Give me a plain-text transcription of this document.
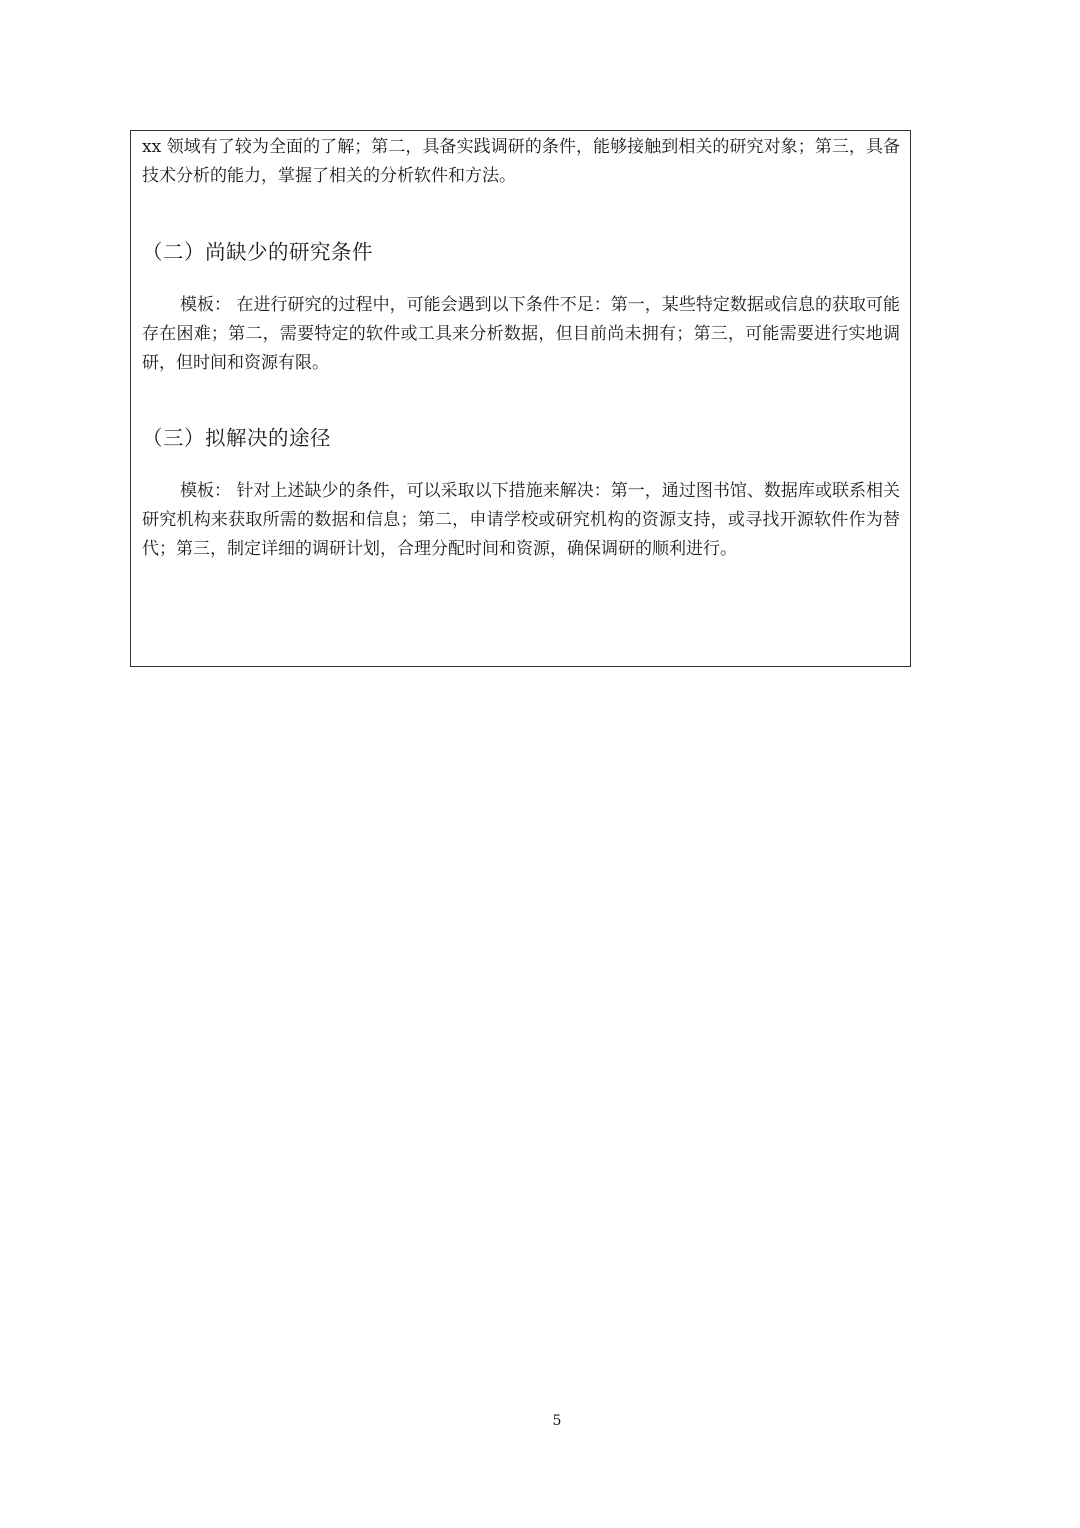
xx 领域有了较为全面的了解；第二，具备实践调研的条件，能够接触到相关的研究对象；第三，具备技术分析的能力，掌握了相关的分析软件和方法。

（二）尚缺少的研究条件

模板： 在进行研究的过程中，可能会遇到以下条件不足：第一，某些特定数据或信息的获取可能存在困难；第二，需要特定的软件或工具来分析数据，但目前尚未拥有；第三，可能需要进行实地调研，但时间和资源有限。

（三）拟解决的途径

模板： 针对上述缺少的条件，可以采取以下措施来解决：第一，通过图书馆、数据库或联系相关研究机构来获取所需的数据和信息；第二，申请学校或研究机构的资源支持，或寻找开源软件作为替代；第三，制定详细的调研计划，合理分配时间和资源，确保调研的顺利进行。

5
